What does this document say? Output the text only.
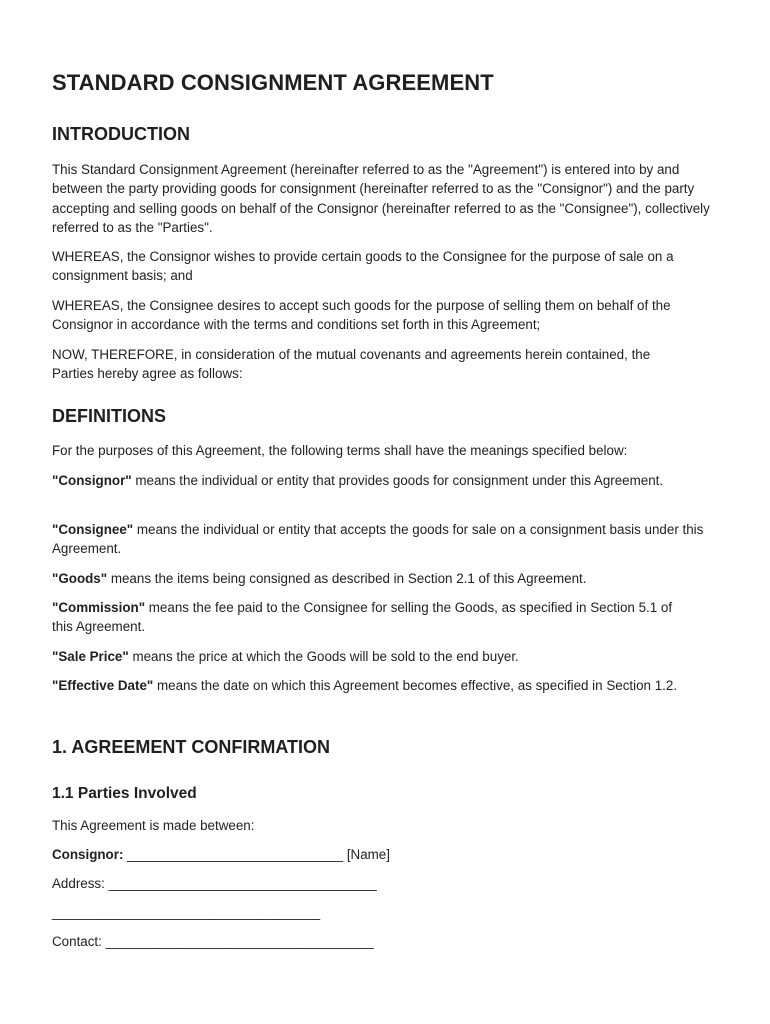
STANDARD CONSIGNMENT AGREEMENT
INTRODUCTION

This Standard Consignment Agreement (hereinafter referred to as the "Agreement") is entered into by and between the party providing goods for consignment (hereinafter referred to as the "Consignor") and the party accepting and selling goods on behalf of the Consignor (hereinafter referred to as the "Consignee"), collectively referred to as the "Parties".

WHEREAS, the Consignor wishes to provide certain goods to the Consignee for the purpose of sale on a consignment basis; and

WHEREAS, the Consignee desires to accept such goods for the purpose of selling them on behalf of the Consignor in accordance with the terms and conditions set forth in this Agreement;

NOW, THEREFORE, in consideration of the mutual covenants and agreements herein contained, the Parties hereby agree as follows:

DEFINITIONS

For the purposes of this Agreement, the following terms shall have the meanings specified below:

"Consignor" means the individual or entity that provides goods for consignment under this Agreement.

"Consignee" means the individual or entity that accepts the goods for sale on a consignment basis under this Agreement.

"Goods" means the items being consigned as described in Section 2.1 of this Agreement.

"Commission" means the fee paid to the Consignee for selling the Goods, as specified in Section 5.1 of this Agreement.

"Sale Price" means the price at which the Goods will be sold to the end buyer.

"Effective Date" means the date on which this Agreement becomes effective, as specified in Section 1.2.

1. AGREEMENT CONFIRMATION
1.1 Parties Involved

This Agreement is made between:

Consignor: _____________________________ [Name]

Address: ____________________________________

____________________________________

Contact: ____________________________________
